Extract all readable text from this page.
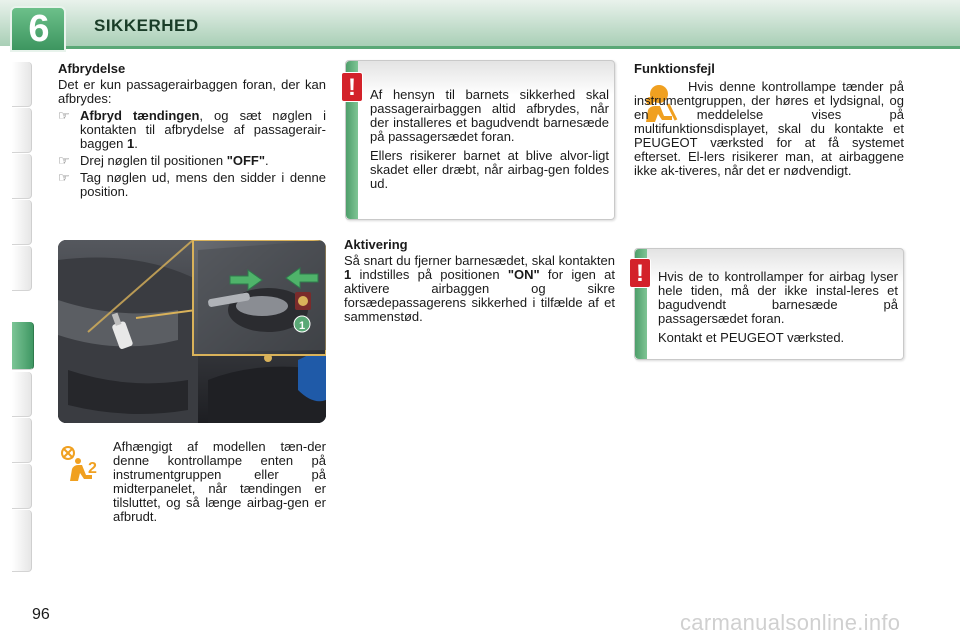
6	SIKKERHED
Afbrydelse
Det er kun passagerairbaggen foran, der kan afbrydes:
☞ Afbryd tændingen, og sæt nøglen i kontakten til afbrydelse af passagerair-baggen 1.
☞ Drej nøglen til positionen "OFF".
☞ Tag nøglen ud, mens den sidder i denne position.
1
2
Afhængigt af modellen tæn-der denne kontrollampe enten på instrumentgruppen eller på midterpanelet, når tændingen er tilsluttet, og så længe airbag-gen er afbrudt.
!	Af hensyn til barnets sikkerhed skal passagerairbaggen altid afbrydes, når der installeres et bagudvendt barnesæde på passagersædet foran.
Ellers risikerer barnet at blive alvor-ligt skadet eller dræbt, når airbag-gen foldes ud.
Aktivering
Så snart du fjerner barnesædet, skal kontakten 1 indstilles på positionen "ON" for igen at aktivere airbaggen og sikre forsædepassagerens sikkerhed i tilfælde af et sammenstød.
Funktionsfejl
Hvis denne kontrollampe tænder på instrumentgruppen, der høres et lydsignal, og en meddelelse vises på multifunktionsdisplayet, skal du kontakte et PEUGEOT værksted for at få systemet efterset. El-lers risikerer man, at airbaggene ikke ak-tiveres, når det er nødvendigt.
!	Hvis de to kontrollamper for airbag lyser hele tiden, må der ikke instal-leres et bagudvendt barnesæde på passagersædet foran.
Kontakt et PEUGEOT værksted.
96	carmanualsonline.info
